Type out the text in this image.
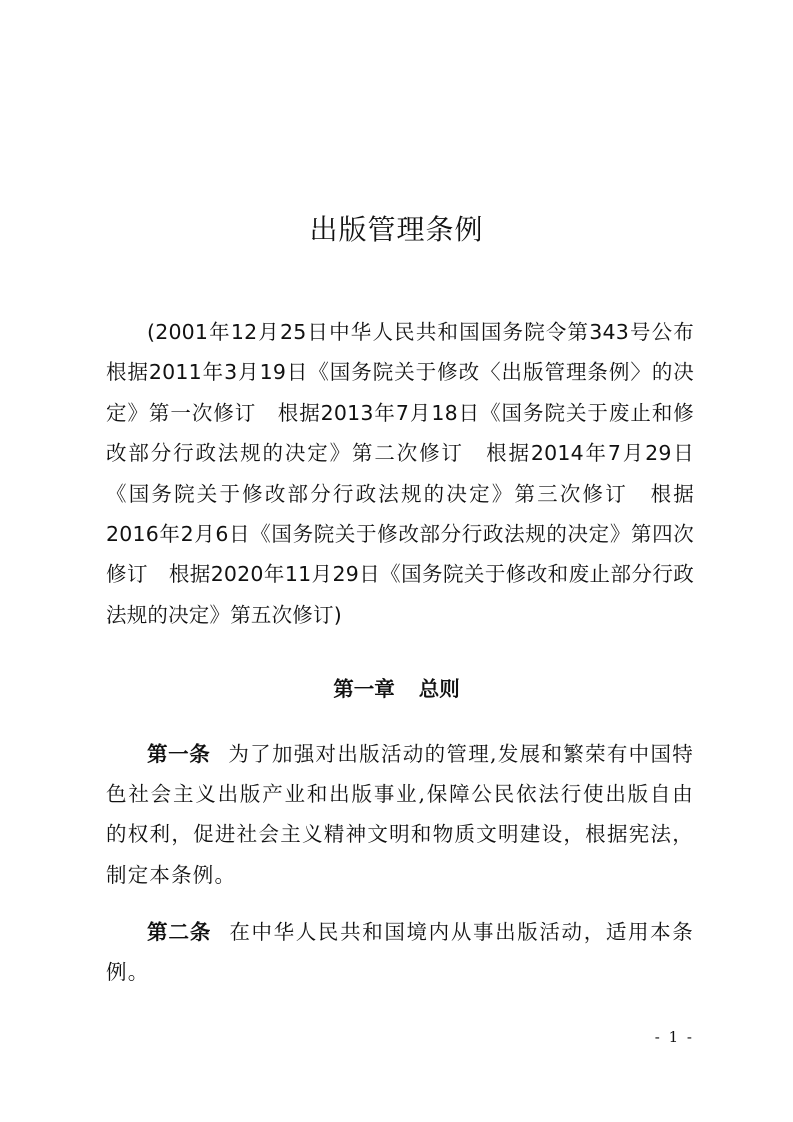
出版管理条例

(2001年12月25日中华人民共和国国务院令第343号公布　根据2011年3月19日《国务院关于修改〈出版管理条例〉的决定》第一次修订　根据2013年7月18日《国务院关于废止和修改部分行政法规的决定》第二次修订　根据2014年7月29日《国务院关于修改部分行政法规的决定》第三次修订　根据2016年2月6日《国务院关于修改部分行政法规的决定》第四次修订　根据2020年11月29日《国务院关于修改和废止部分行政法规的决定》第五次修订)

第一章 总则

第一条 为了加强对出版活动的管理,发展和繁荣有中国特色社会主义出版产业和出版事业,保障公民依法行使出版自由的权利，促进社会主义精神文明和物质文明建设，根据宪法，制定本条例。

第二条 在中华人民共和国境内从事出版活动，适用本条例。

- 1 -
